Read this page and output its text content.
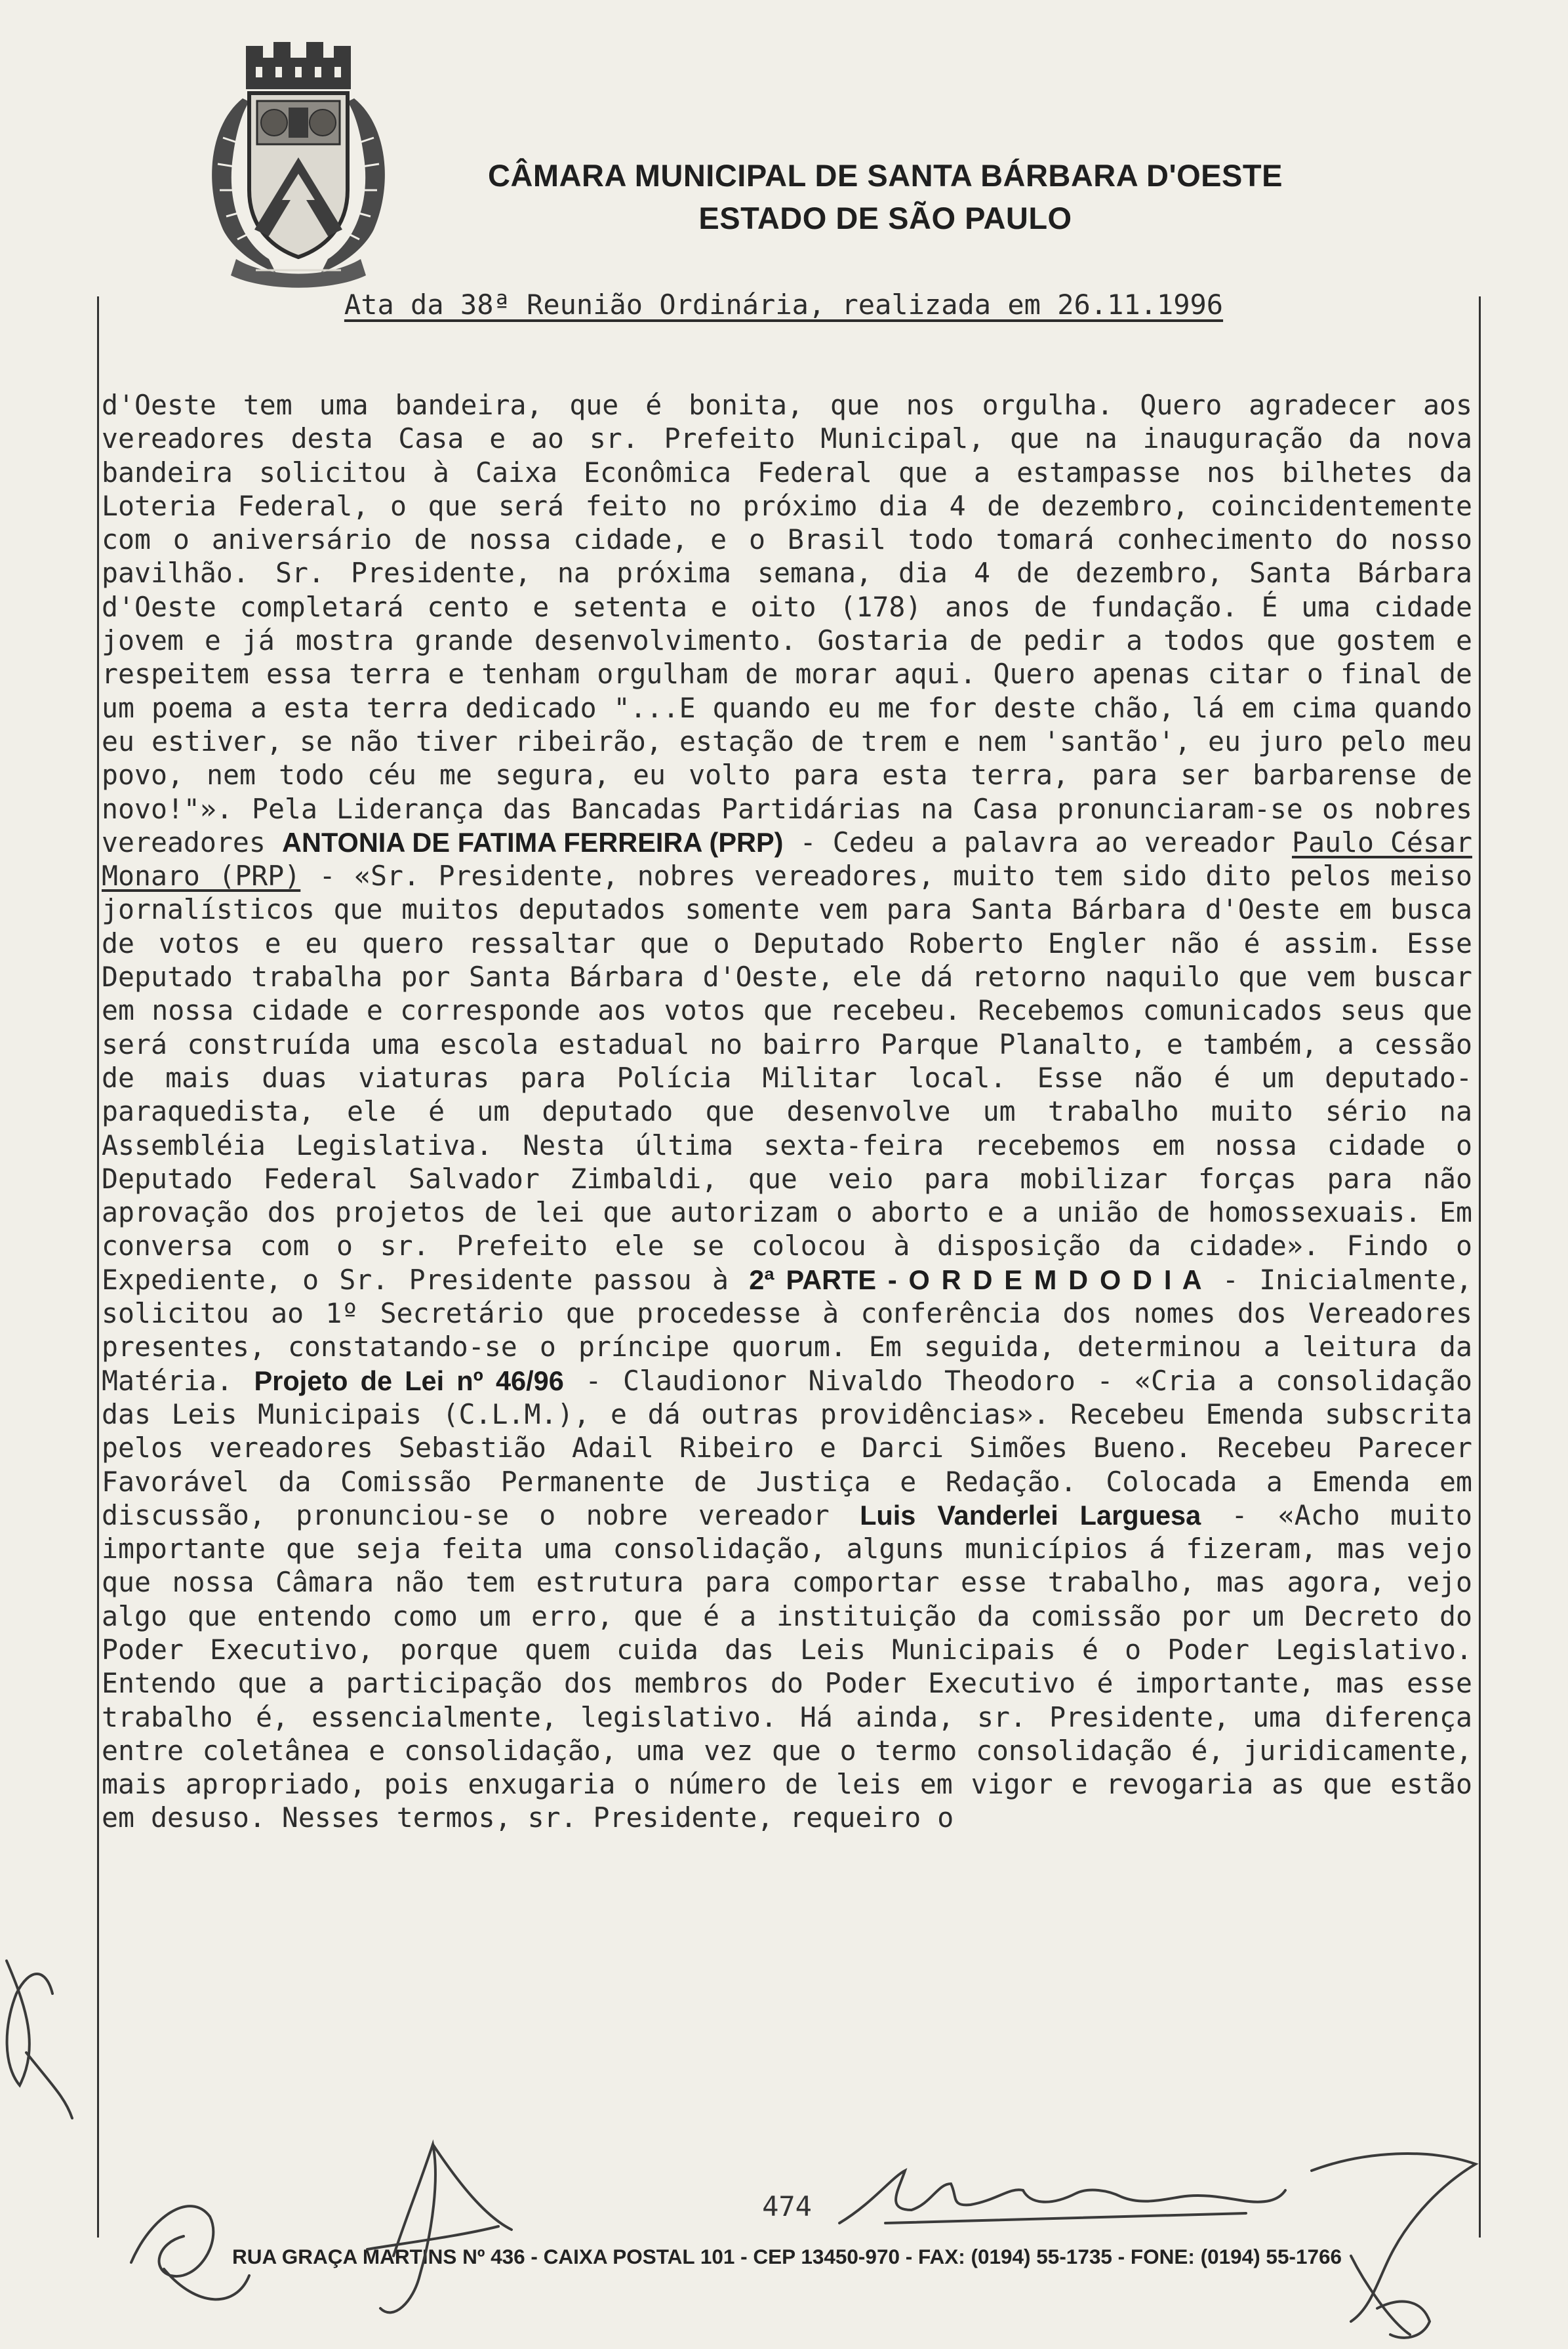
CÂMARA MUNICIPAL DE SANTA BÁRBARA D'OESTE
ESTADO DE SÃO PAULO
Ata da 38ª Reunião Ordinária, realizada em 26.11.1996
d'Oeste tem uma bandeira, que é bonita, que nos orgulha. Quero agradecer aos vereadores desta Casa e ao sr. Prefeito Municipal, que na inauguração da nova bandeira solicitou à Caixa Econômica Federal que a estampasse nos bilhetes da Loteria Federal, o que será feito no próximo dia 4 de dezembro, coincidentemente com o aniversário de nossa cidade, e o Brasil todo tomará conhecimento do nosso pavilhão. Sr. Presidente, na próxima semana, dia 4 de dezembro, Santa Bárbara d'Oeste completará cento e setenta e oito (178) anos de fundação. É uma cidade jovem e já mostra grande desenvolvimento. Gostaria de pedir a todos que gostem e respeitem essa terra e tenham orgulham de morar aqui. Quero apenas citar o final de um poema a esta terra dedicado "...E quando eu me for deste chão, lá em cima quando eu estiver, se não tiver ribeirão, estação de trem e nem 'santão', eu juro pelo meu povo, nem todo céu me segura, eu volto para esta terra, para ser barbarense de novo!"». Pela Liderança das Bancadas Partidárias na Casa pronunciaram-se os nobres vereadores ANTONIA DE FATIMA FERREIRA (PRP) - Cedeu a palavra ao vereador Paulo César Monaro (PRP) - «Sr. Presidente, nobres vereadores, muito tem sido dito pelos meiso jornalísticos que muitos deputados somente vem para Santa Bárbara d'Oeste em busca de votos e eu quero ressaltar que o Deputado Roberto Engler não é assim. Esse Deputado trabalha por Santa Bárbara d'Oeste, ele dá retorno naquilo que vem buscar em nossa cidade e corresponde aos votos que recebeu. Recebemos comunicados seus que será construída uma escola estadual no bairro Parque Planalto, e também, a cessão de mais duas viaturas para Polícia Militar local. Esse não é um deputado-paraquedista, ele é um deputado que desenvolve um trabalho muito sério na Assembléia Legislativa. Nesta última sexta-feira recebemos em nossa cidade o Deputado Federal Salvador Zimbaldi, que veio para mobilizar forças para não aprovação dos projetos de lei que autorizam o aborto e a união de homossexuais. Em conversa com o sr. Prefeito ele se colocou à disposição da cidade». Findo o Expediente, o Sr. Presidente passou à 2ª PARTE - O R D E M D O D I A - Inicialmente, solicitou ao 1º Secretário que procedesse à conferência dos nomes dos Vereadores presentes, constatando-se o príncipe quorum. Em seguida, determinou a leitura da Matéria. Projeto de Lei nº 46/96 - Claudionor Nivaldo Theodoro - «Cria a consolidação das Leis Municipais (C.L.M.), e dá outras providências». Recebeu Emenda subscrita pelos vereadores Sebastião Adail Ribeiro e Darci Simões Bueno. Recebeu Parecer Favorável da Comissão Permanente de Justiça e Redação. Colocada a Emenda em discussão, pronunciou-se o nobre vereador Luis Vanderlei Larguesa - «Acho muito importante que seja feita uma consolidação, alguns municípios á fizeram, mas vejo que nossa Câmara não tem estrutura para comportar esse trabalho, mas agora, vejo algo que entendo como um erro, que é a instituição da comissão por um Decreto do Poder Executivo, porque quem cuida das Leis Municipais é o Poder Legislativo. Entendo que a participação dos membros do Poder Executivo é importante, mas esse trabalho é, essencialmente, legislativo. Há ainda, sr. Presidente, uma diferença entre coletânea e consolidação, uma vez que o termo consolidação é, juridicamente, mais apropriado, pois enxugaria o número de leis em vigor e revogaria as que estão em desuso. Nesses termos, sr. Presidente, requeiro o
474
RUA GRAÇA MARTINS Nº 436 - CAIXA POSTAL 101 - CEP 13450-970 - FAX: (0194) 55-1735 - FONE: (0194) 55-1766
